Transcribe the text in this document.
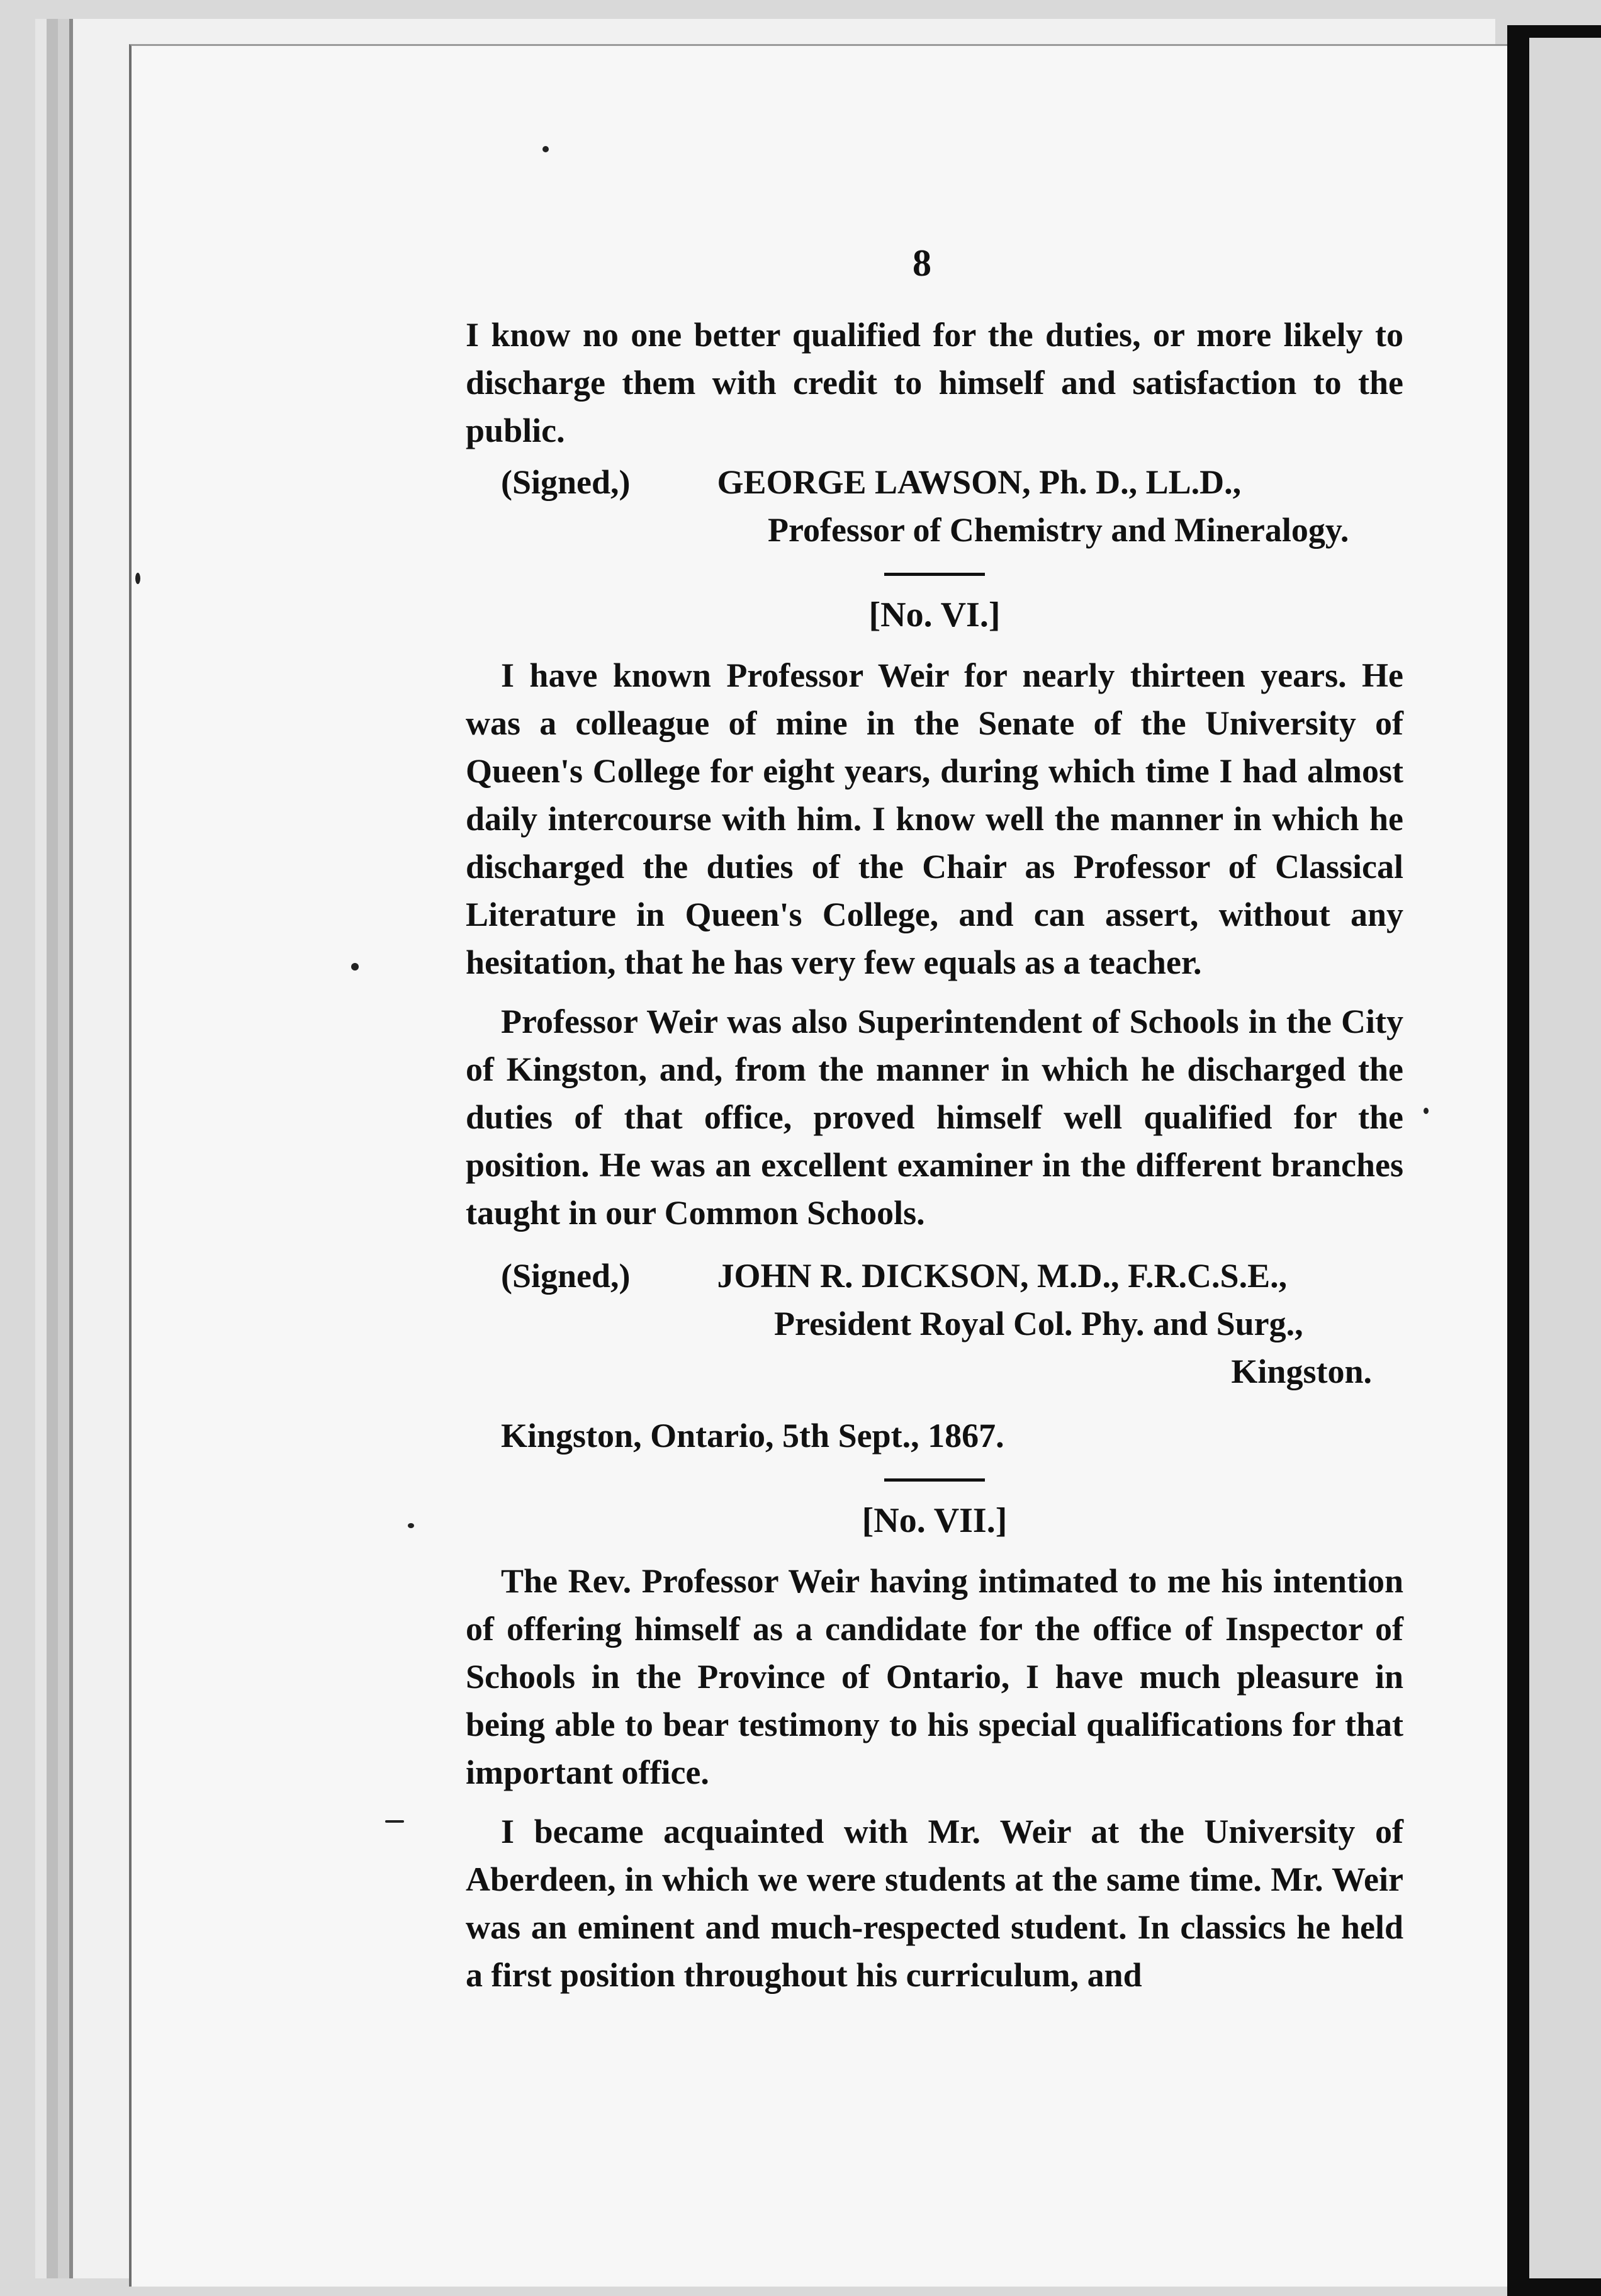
8

I know no one better qualified for the duties, or more likely to discharge them with credit to himself and satisfaction to the public.

(Signed,)	GEORGE LAWSON, Ph. D., LL.D.,
Professor of Chemistry and Mineralogy.
[No. VI.]

I have known Professor Weir for nearly thirteen years. He was a colleague of mine in the Senate of the University of Queen's College for eight years, during which time I had almost daily intercourse with him. I know well the manner in which he discharged the duties of the Chair as Professor of Classical Literature in Queen's College, and can assert, without any hesitation, that he has very few equals as a teacher.

Professor Weir was also Superintendent of Schools in the City of Kingston, and, from the manner in which he discharged the duties of that office, proved himself well qualified for the position. He was an excellent examiner in the different branches taught in our Common Schools.

(Signed,)	JOHN R. DICKSON, M.D., F.R.C.S.E.,
President Royal Col. Phy. and Surg.,
Kingston.
Kingston, Ontario, 5th Sept., 1867.
[No. VII.]

The Rev. Professor Weir having intimated to me his intention of offering himself as a candidate for the office of Inspector of Schools in the Province of Ontario, I have much pleasure in being able to bear testimony to his special qualifications for that important office.

I became acquainted with Mr. Weir at the University of Aberdeen, in which we were students at the same time. Mr. Weir was an eminent and much-respected student. In classics he held a first position throughout his curriculum, and
